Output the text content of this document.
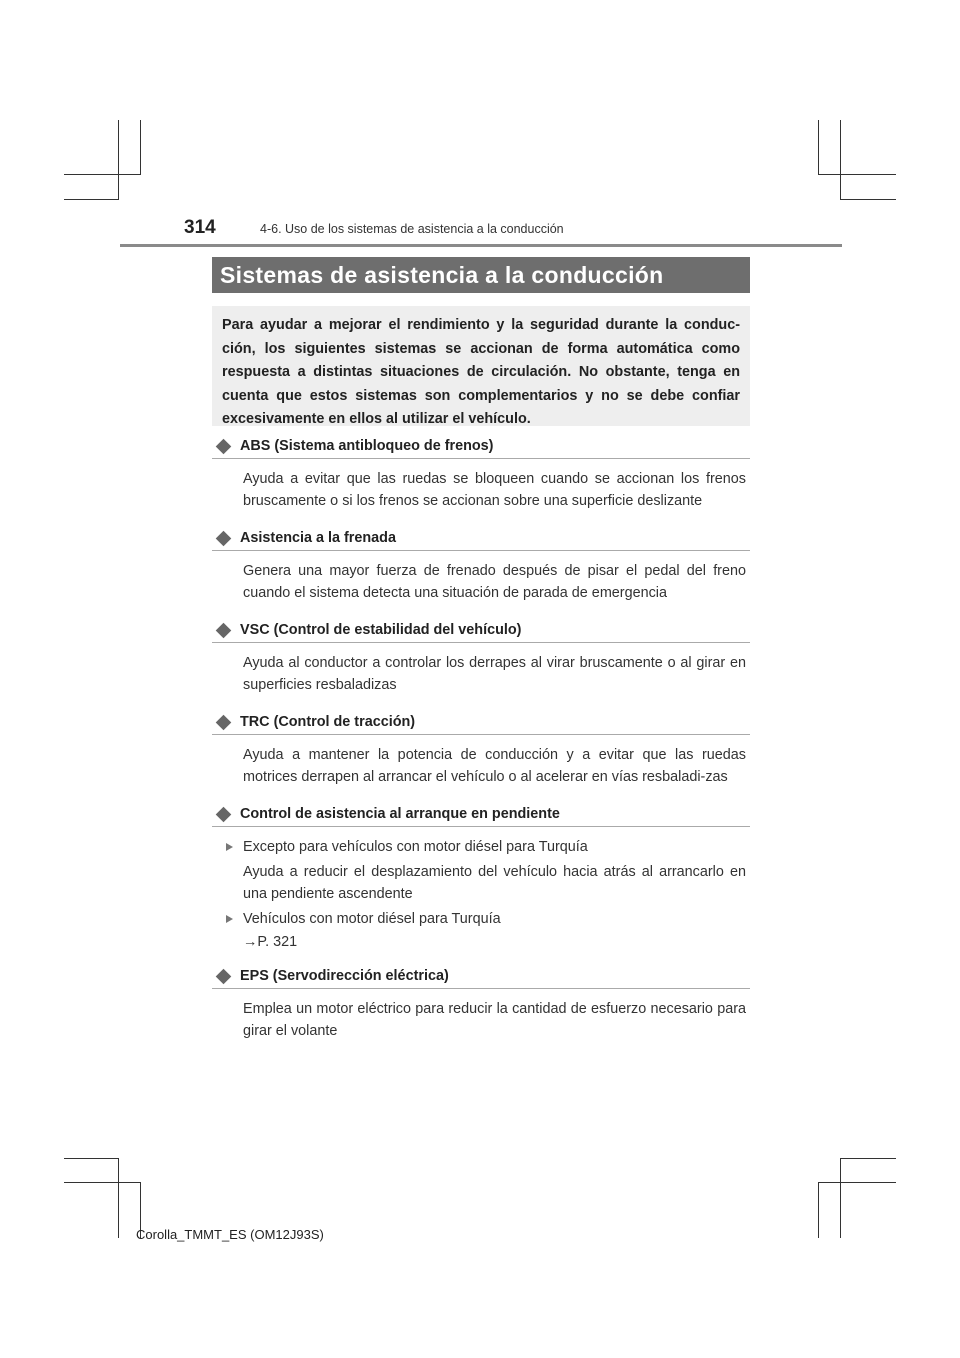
314	4-6. Uso de los sistemas de asistencia a la conducción
Sistemas de asistencia a la conducción
Para ayudar a mejorar el rendimiento y la seguridad durante la conduc-ción, los siguientes sistemas se accionan de forma automática como respuesta a distintas situaciones de circulación. No obstante, tenga en cuenta que estos sistemas son complementarios y no se debe confiar excesivamente en ellos al utilizar el vehículo.
ABS (Sistema antibloqueo de frenos)
Ayuda a evitar que las ruedas se bloqueen cuando se accionan los frenos bruscamente o si los frenos se accionan sobre una superficie deslizante
Asistencia a la frenada
Genera una mayor fuerza de frenado después de pisar el pedal del freno cuando el sistema detecta una situación de parada de emergencia
VSC (Control de estabilidad del vehículo)
Ayuda al conductor a controlar los derrapes al virar bruscamente o al girar en superficies resbaladizas
TRC (Control de tracción)
Ayuda a mantener la potencia de conducción y a evitar que las ruedas motrices derrapen al arrancar el vehículo o al acelerar en vías resbaladi-zas
Control de asistencia al arranque en pendiente
Excepto para vehículos con motor diésel para Turquía
Ayuda a reducir el desplazamiento del vehículo hacia atrás al arrancarlo en una pendiente ascendente
Vehículos con motor diésel para Turquía
→P. 321
EPS (Servodirección eléctrica)
Emplea un motor eléctrico para reducir la cantidad de esfuerzo necesario para girar el volante
Corolla_TMMT_ES (OM12J93S)
